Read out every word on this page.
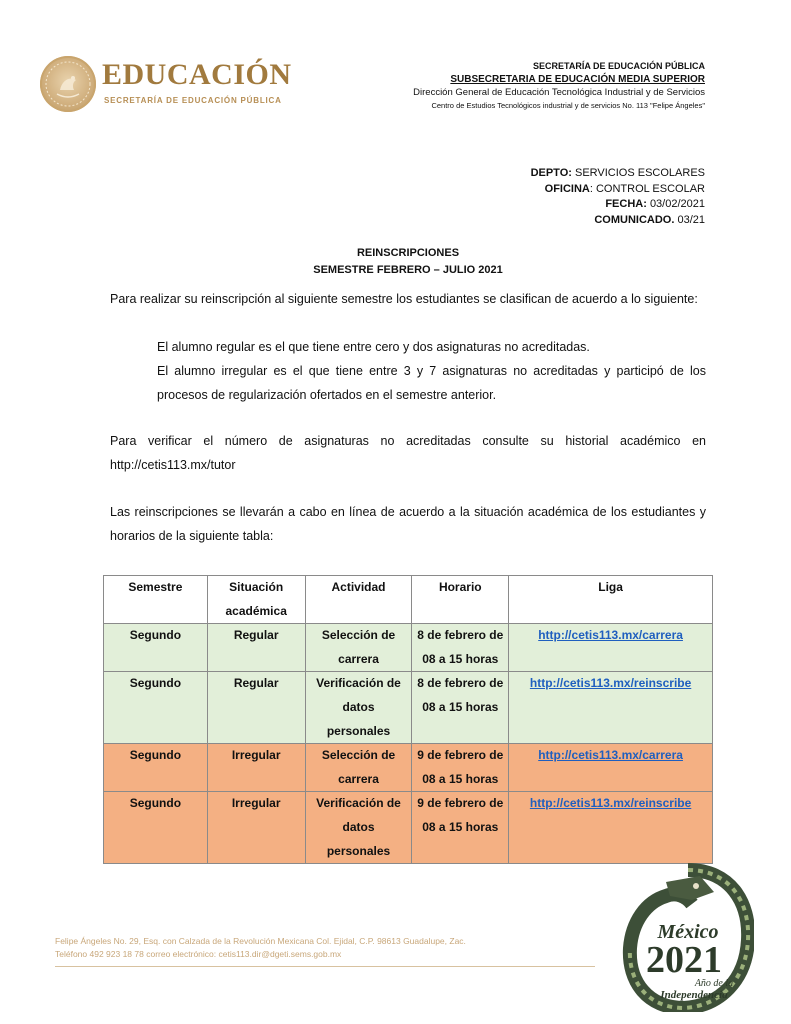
EDUCACIÓN
SECRETARÍA DE EDUCACIÓN PÚBLICA
SECRETARÍA DE EDUCACIÓN PÚBLICA
SUBSECRETARIA DE EDUCACIÓN MEDIA SUPERIOR
Dirección General de Educación Tecnológica Industrial y de Servicios
Centro de Estudios Tecnológicos industrial y de servicios No. 113 "Felipe Ángeles"
DEPTO: SERVICIOS ESCOLARES
OFICINA: CONTROL ESCOLAR
FECHA: 03/02/2021
COMUNICADO. 03/21
REINSCRIPCIONES
SEMESTRE FEBRERO – JULIO 2021
Para realizar su reinscripción al siguiente semestre los estudiantes se clasifican de acuerdo a lo siguiente:
El alumno regular es el que tiene entre cero y dos asignaturas no acreditadas.
El alumno irregular es el que tiene entre 3 y 7 asignaturas no acreditadas y participó de los procesos de regularización ofertados en el semestre anterior.
Para verificar el número de asignaturas no acreditadas consulte su historial académico en http://cetis113.mx/tutor
Las reinscripciones se llevarán a cabo en línea de acuerdo a la situación académica de los estudiantes y horarios de la siguiente tabla:
Semestre	Situación académica	Actividad	Horario	Liga
Segundo	Regular	Selección de carrera	8 de febrero de 08 a 15 horas	http://cetis113.mx/carrera
Segundo	Regular	Verificación de datos personales	8 de febrero de 08 a 15 horas	http://cetis113.mx/reinscribe
Segundo	Irregular	Selección de carrera	9 de febrero de 08 a 15 horas	http://cetis113.mx/carrera
Segundo	Irregular	Verificación de datos personales	9 de febrero de 08 a 15 horas	http://cetis113.mx/reinscribe
Felipe Ángeles No. 29, Esq. con Calzada de la Revolución Mexicana Col. Ejidal, C.P. 98613 Guadalupe, Zac.
Teléfono 492 923 18 78 correo electrónico: cetis113.dir@dgeti.sems.gob.mx
México
2021
Año de la
Independencia
